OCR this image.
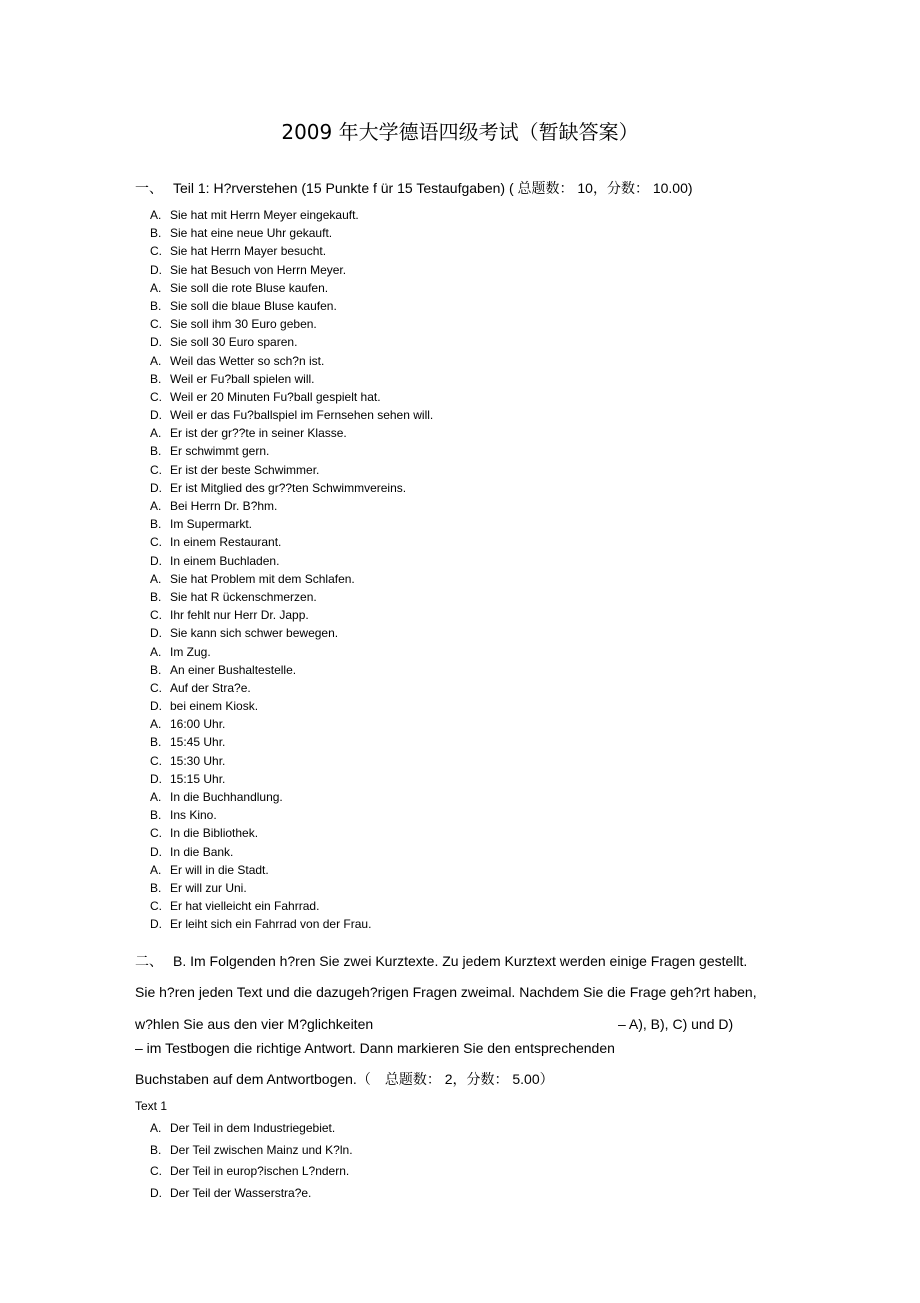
2009 年大学德语四级考试（暂缺答案）
一、 Teil 1: H?rverstehen (15 Punkte f ür 15 Testaufgaben) ( 总题数： 10，分数： 10.00)
A. Sie hat mit Herrn Meyer eingekauft.
B. Sie hat eine neue Uhr gekauft.
C. Sie hat Herrn Mayer besucht.
D. Sie hat Besuch von Herrn Meyer.
A. Sie soll die rote Bluse kaufen.
B. Sie soll die blaue Bluse kaufen.
C. Sie soll ihm 30 Euro geben.
D. Sie soll 30 Euro sparen.
A. Weil das Wetter so sch?n ist.
B. Weil er Fu?ball spielen will.
C. Weil er 20 Minuten Fu?ball gespielt hat.
D. Weil er das Fu?ballspiel im Fernsehen sehen will.
A. Er ist der gr??te in seiner Klasse.
B. Er schwimmt gern.
C. Er ist der beste Schwimmer.
D. Er ist Mitglied des gr??ten Schwimmvereins.
A. Bei Herrn Dr. B?hm.
B. Im Supermarkt.
C. In einem Restaurant.
D. In einem Buchladen.
A. Sie hat Problem mit dem Schlafen.
B. Sie hat R ückenschmerzen.
C. Ihr fehlt nur Herr Dr. Japp.
D. Sie kann sich schwer bewegen.
A. Im Zug.
B. An einer Bushaltestelle.
C. Auf der Stra?e.
D. bei einem Kiosk.
A. 16:00 Uhr.
B. 15:45 Uhr.
C. 15:30 Uhr.
D. 15:15 Uhr.
A. In die Buchhandlung.
B. Ins Kino.
C. In die Bibliothek.
D. In die Bank.
A. Er will in die Stadt.
B. Er will zur Uni.
C. Er hat vielleicht ein Fahrrad.
D. Er leiht sich ein Fahrrad von der Frau.
二、 B. Im Folgenden h?ren Sie zwei Kurztexte. Zu jedem Kurztext werden einige Fragen gestellt.
Sie h?ren jeden Text und die dazugeh?rigen Fragen zweimal. Nachdem Sie die Frage geh?rt haben,
w?hlen Sie aus den vier M?glichkeiten	– A), B), C) und D)
– im Testbogen die richtige Antwort. Dann markieren Sie den entsprechenden
Buchstaben auf dem Antwortbogen.（　总题数： 2，分数： 5.00）
Text 1
A. Der Teil in dem Industriegebiet.
B. Der Teil zwischen Mainz und K?ln.
C. Der Teil in europ?ischen L?ndern.
D. Der Teil der Wasserstra?e.
